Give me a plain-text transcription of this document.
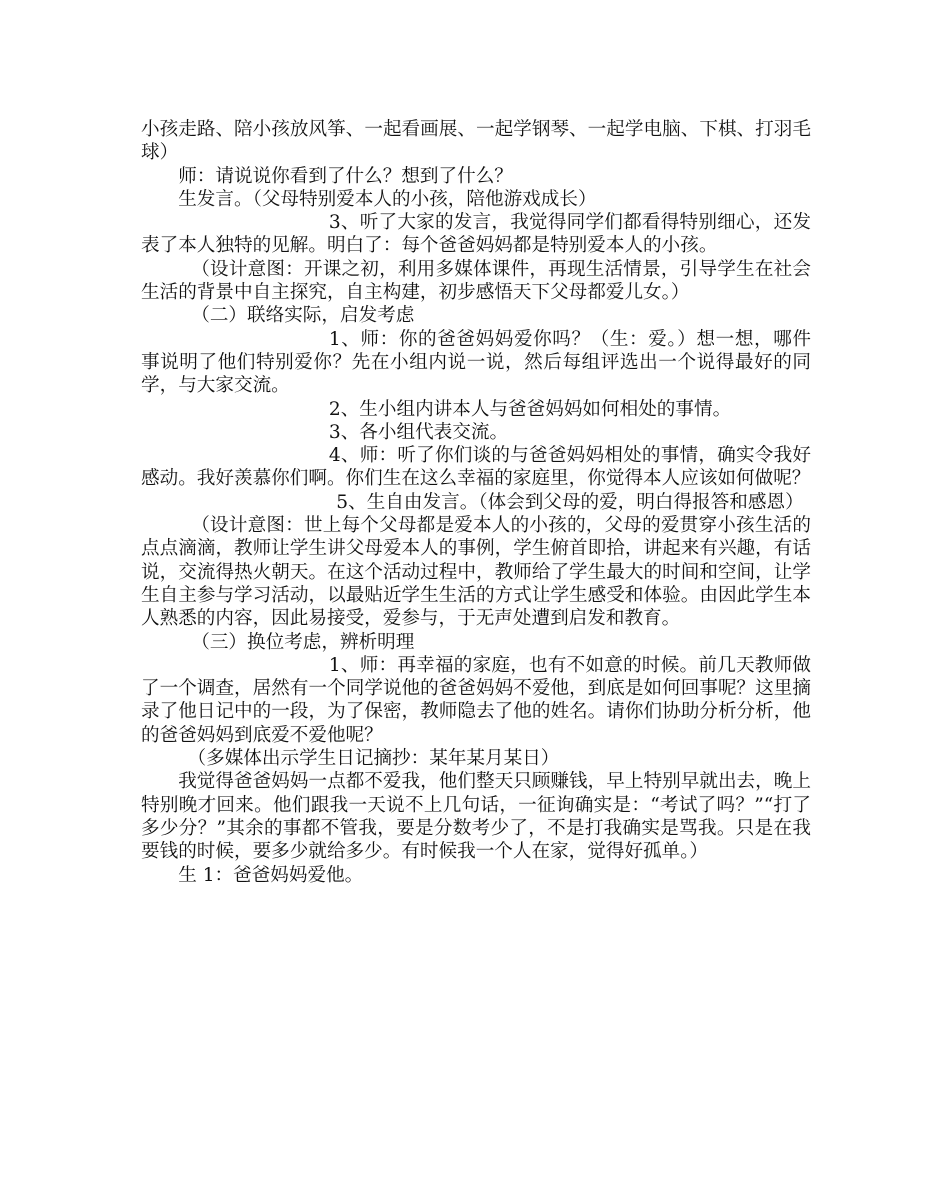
小孩走路、陪小孩放风筝、一起看画展、一起学钢琴、一起学电脑、下棋、打羽毛球）

师：请说说你看到了什么？想到了什么？

生发言。（父母特别爱本人的小孩，陪他游戏成长）

3、听了大家的发言，我觉得同学们都看得特别细心，还发表了本人独特的见解。明白了：每个爸爸妈妈都是特别爱本人的小孩。

（设计意图：开课之初，利用多媒体课件，再现生活情景，引导学生在社会生活的背景中自主探究，自主构建，初步感悟天下父母都爱儿女。）

（二）联络实际，启发考虑

1、师：你的爸爸妈妈爱你吗？（生：爱。）想一想，哪件事说明了他们特别爱你？先在小组内说一说，然后每组评选出一个说得最好的同学，与大家交流。

2、生小组内讲本人与爸爸妈妈如何相处的事情。

3、各小组代表交流。

4、师：听了你们谈的与爸爸妈妈相处的事情，确实令我好感动。我好羡慕你们啊。你们生在这么幸福的家庭里，你觉得本人应该如何做呢？

5、生自由发言。（体会到父母的爱，明白得报答和感恩）

（设计意图：世上每个父母都是爱本人的小孩的，父母的爱贯穿小孩生活的点点滴滴，教师让学生讲父母爱本人的事例，学生俯首即拾，讲起来有兴趣，有话说，交流得热火朝天。在这个活动过程中，教师给了学生最大的时间和空间，让学生自主参与学习活动，以最贴近学生生活的方式让学生感受和体验。由因此学生本人熟悉的内容，因此易接受，爱参与，于无声处遭到启发和教育。

（三）换位考虑，辨析明理

1、师：再幸福的家庭，也有不如意的时候。前几天教师做了一个调查，居然有一个同学说他的爸爸妈妈不爱他，到底是如何回事呢？这里摘录了他日记中的一段，为了保密，教师隐去了他的姓名。请你们协助分析分析，他的爸爸妈妈到底爱不爱他呢？

（多媒体出示学生日记摘抄：某年某月某日）

我觉得爸爸妈妈一点都不爱我，他们整天只顾赚钱，早上特别早就出去，晚上特别晚才回来。他们跟我一天说不上几句话，一征询确实是：“考试了吗？”“打了多少分？”其余的事都不管我，要是分数考少了，不是打我确实是骂我。只是在我要钱的时候，要多少就给多少。有时候我一个人在家，觉得好孤单。）

生 1：爸爸妈妈爱他。
